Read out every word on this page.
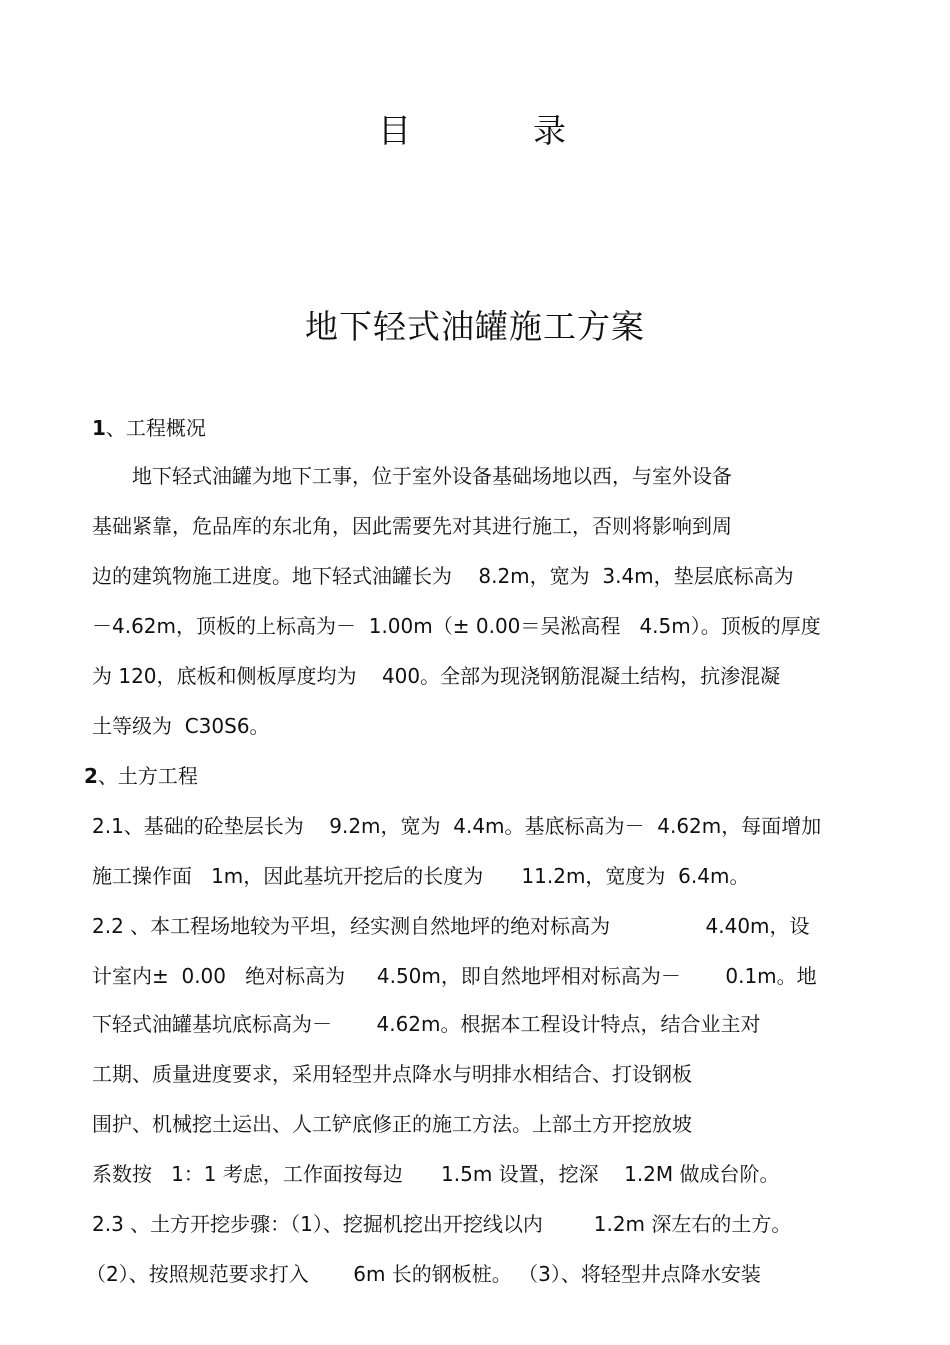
目	录
地下轻式油罐施工方案
1、工程概况
　　地下轻式油罐为地下工事，位于室外设备基础场地以西，与室外设备
基础紧靠，危品库的东北角，因此需要先对其进行施工，否则将影响到周
边的建筑物施工进度。地下轻式油罐长为　 8.2m，宽为  3.4m，垫层底标高为
－4.62m，顶板的上标高为－  1.00m（± 0.00＝吴淞高程   4.5m）。顶板的厚度
为 120，底板和侧板厚度均为    400。全部为现浇钢筋混凝土结构，抗渗混凝
土等级为  C30S6。
2、土方工程
2.1、基础的砼垫层长为    9.2m，宽为  4.4m。基底标高为－  4.62m，每面增加
施工操作面   1m，因此基坑开挖后的长度为      11.2m，宽度为  6.4m。
2.2 、本工程场地较为平坦，经实测自然地坪的绝对标高为               4.40m，设
计室内±  0.00   绝对标高为     4.50m，即自然地坪相对标高为－       0.1m。地
下轻式油罐基坑底标高为－       4.62m。根据本工程设计特点，结合业主对
工期、质量进度要求，采用轻型井点降水与明排水相结合、打设钢板
围护、机械挖土运出、人工铲底修正的施工方法。上部土方开挖放坡
系数按   1：1 考虑，工作面按每边      1.5m 设置，挖深    1.2M 做成台阶。
2.3 、土方开挖步骤：（1）、挖掘机挖出开挖线以内        1.2m 深左右的土方。
（2）、按照规范要求打入       6m 长的钢板桩。 （3）、将轻型井点降水安装
